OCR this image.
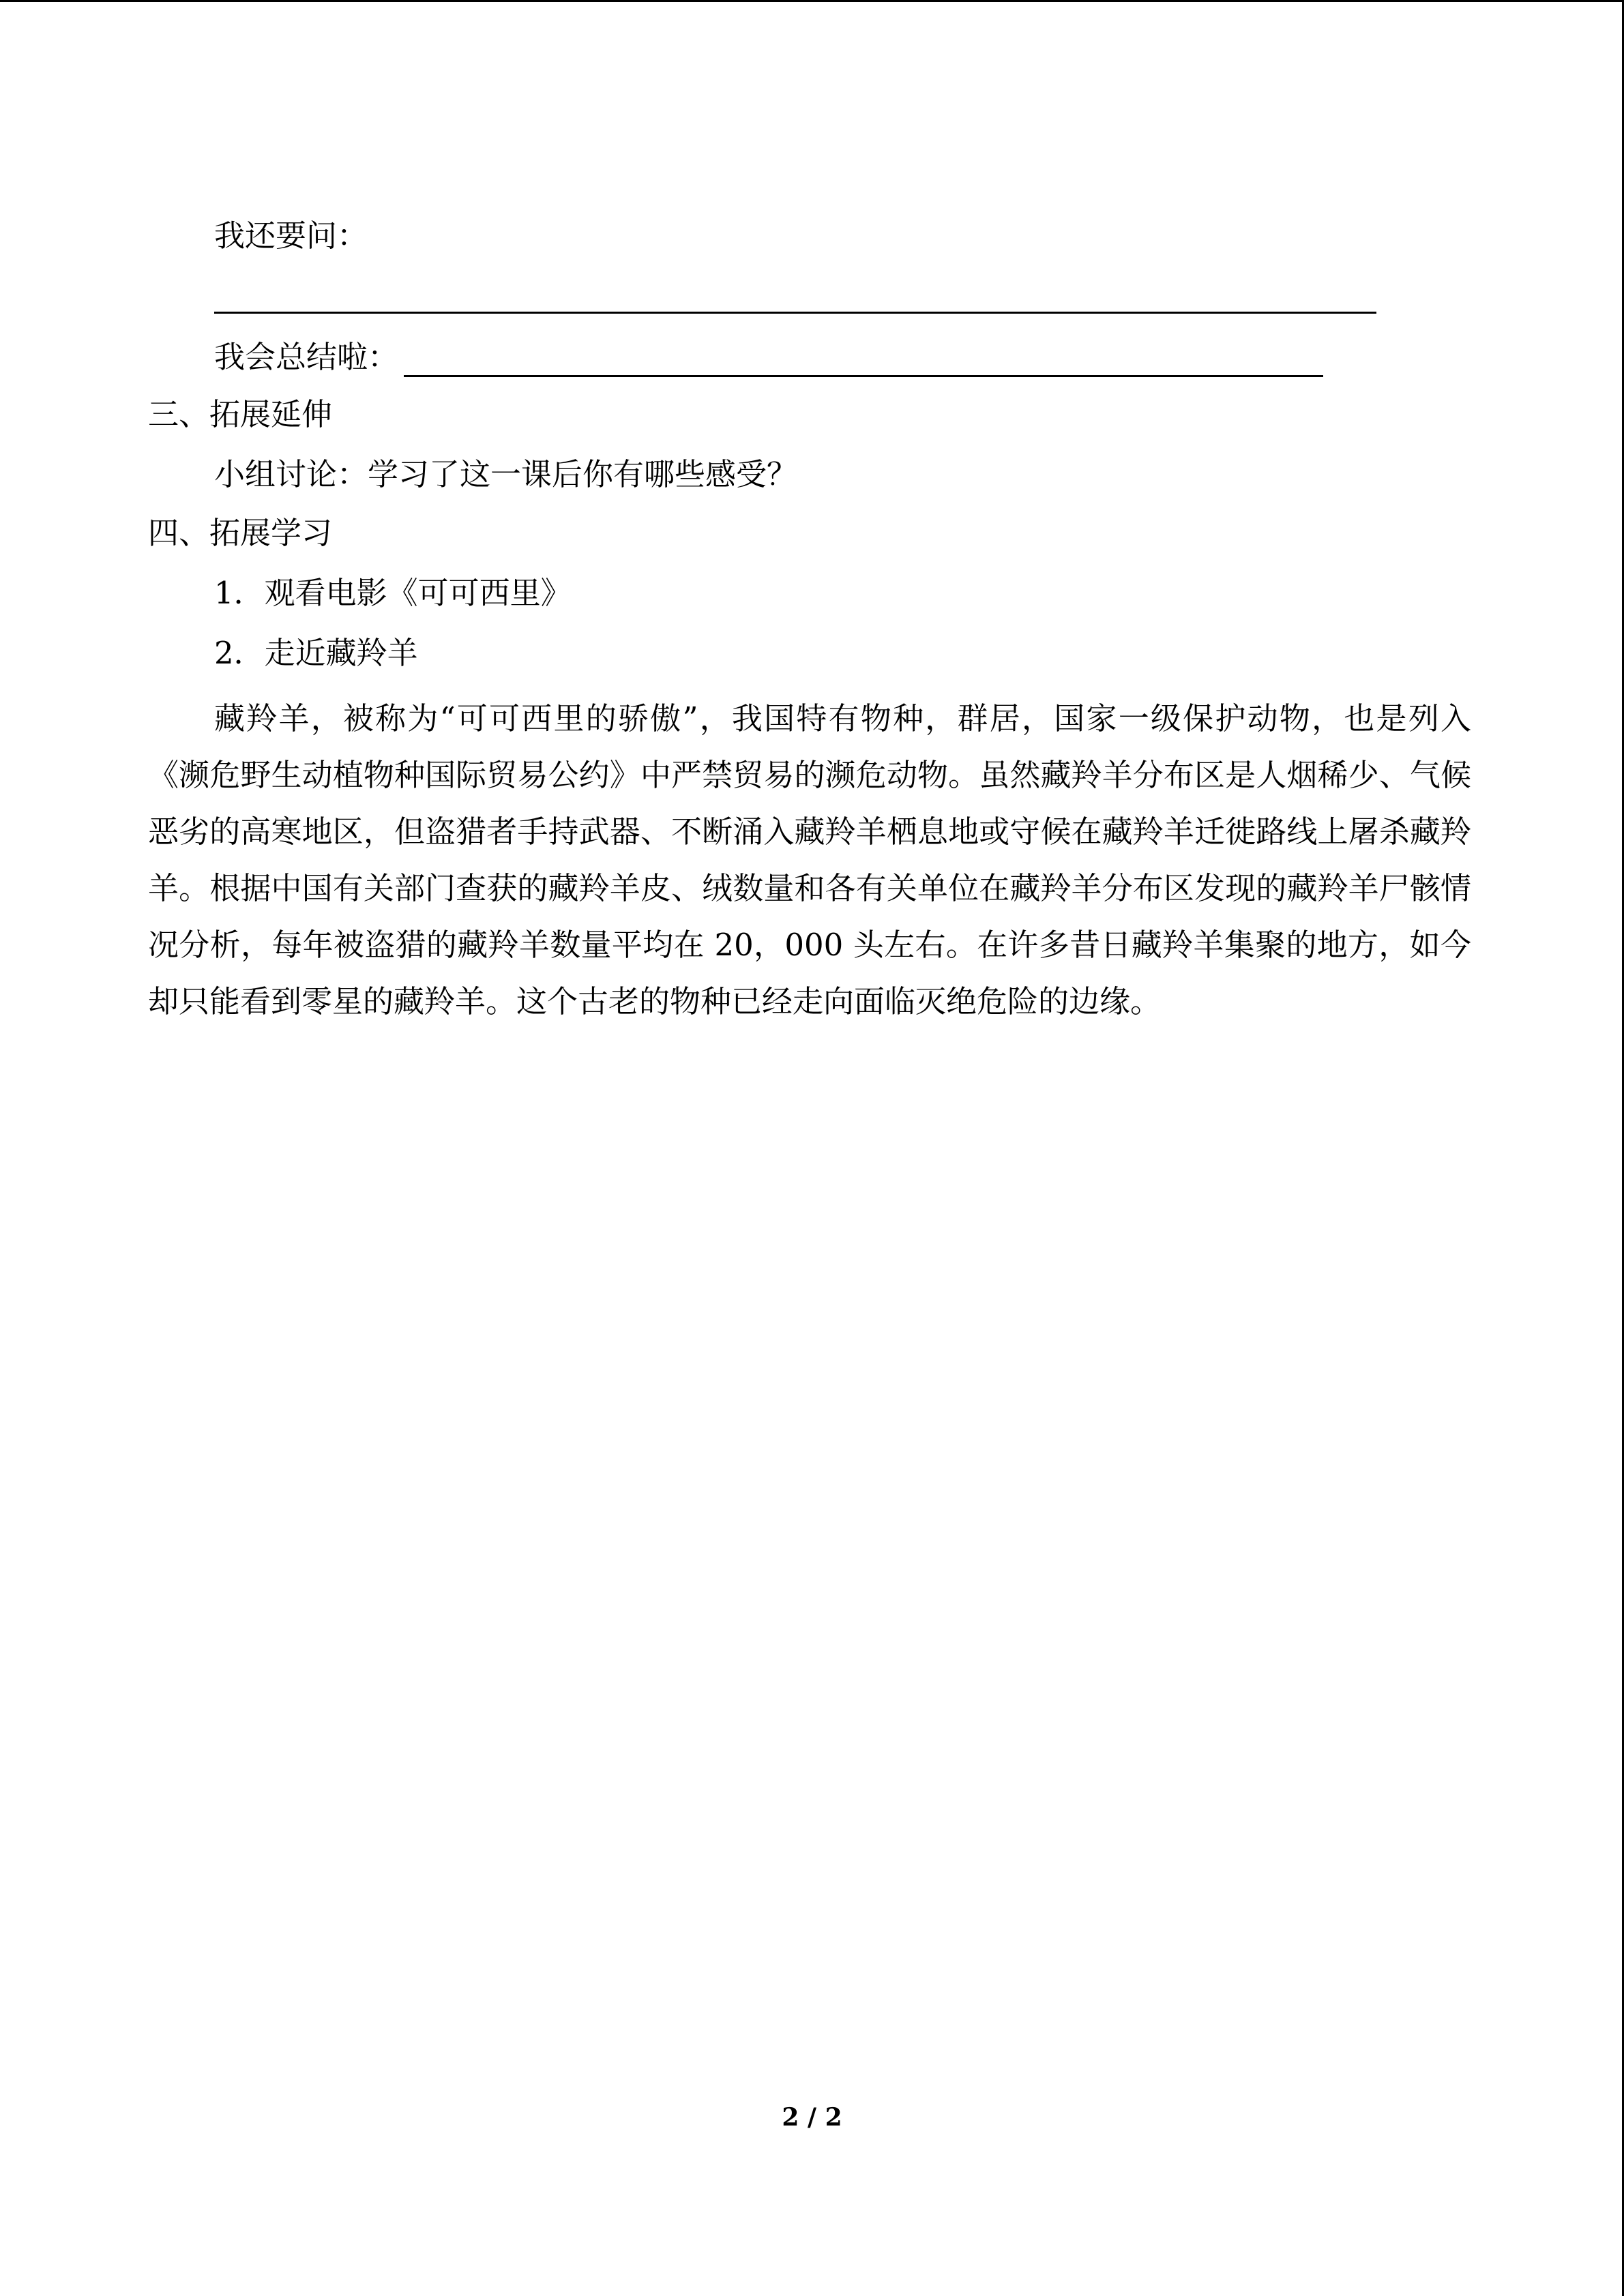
我还要问：
我会总结啦：
三、拓展延伸
小组讨论：学习了这一课后你有哪些感受？
四、拓展学习
1．观看电影《可可西里》
2．走近藏羚羊
藏羚羊，被称为“可可西里的骄傲”，我国特有物种，群居，国家一级保护动物，也是列入《濒危野生动植物种国际贸易公约》中严禁贸易的濒危动物。虽然藏羚羊分布区是人烟稀少、气候恶劣的高寒地区，但盗猎者手持武器、不断涌入藏羚羊栖息地或守候在藏羚羊迁徙路线上屠杀藏羚羊。根据中国有关部门查获的藏羚羊皮、绒数量和各有关单位在藏羚羊分布区发现的藏羚羊尸骸情况分析，每年被盗猎的藏羚羊数量平均在 20，000 头左右。在许多昔日藏羚羊集聚的地方，如今却只能看到零星的藏羚羊。这个古老的物种已经走向面临灭绝危险的边缘。
2 / 2
